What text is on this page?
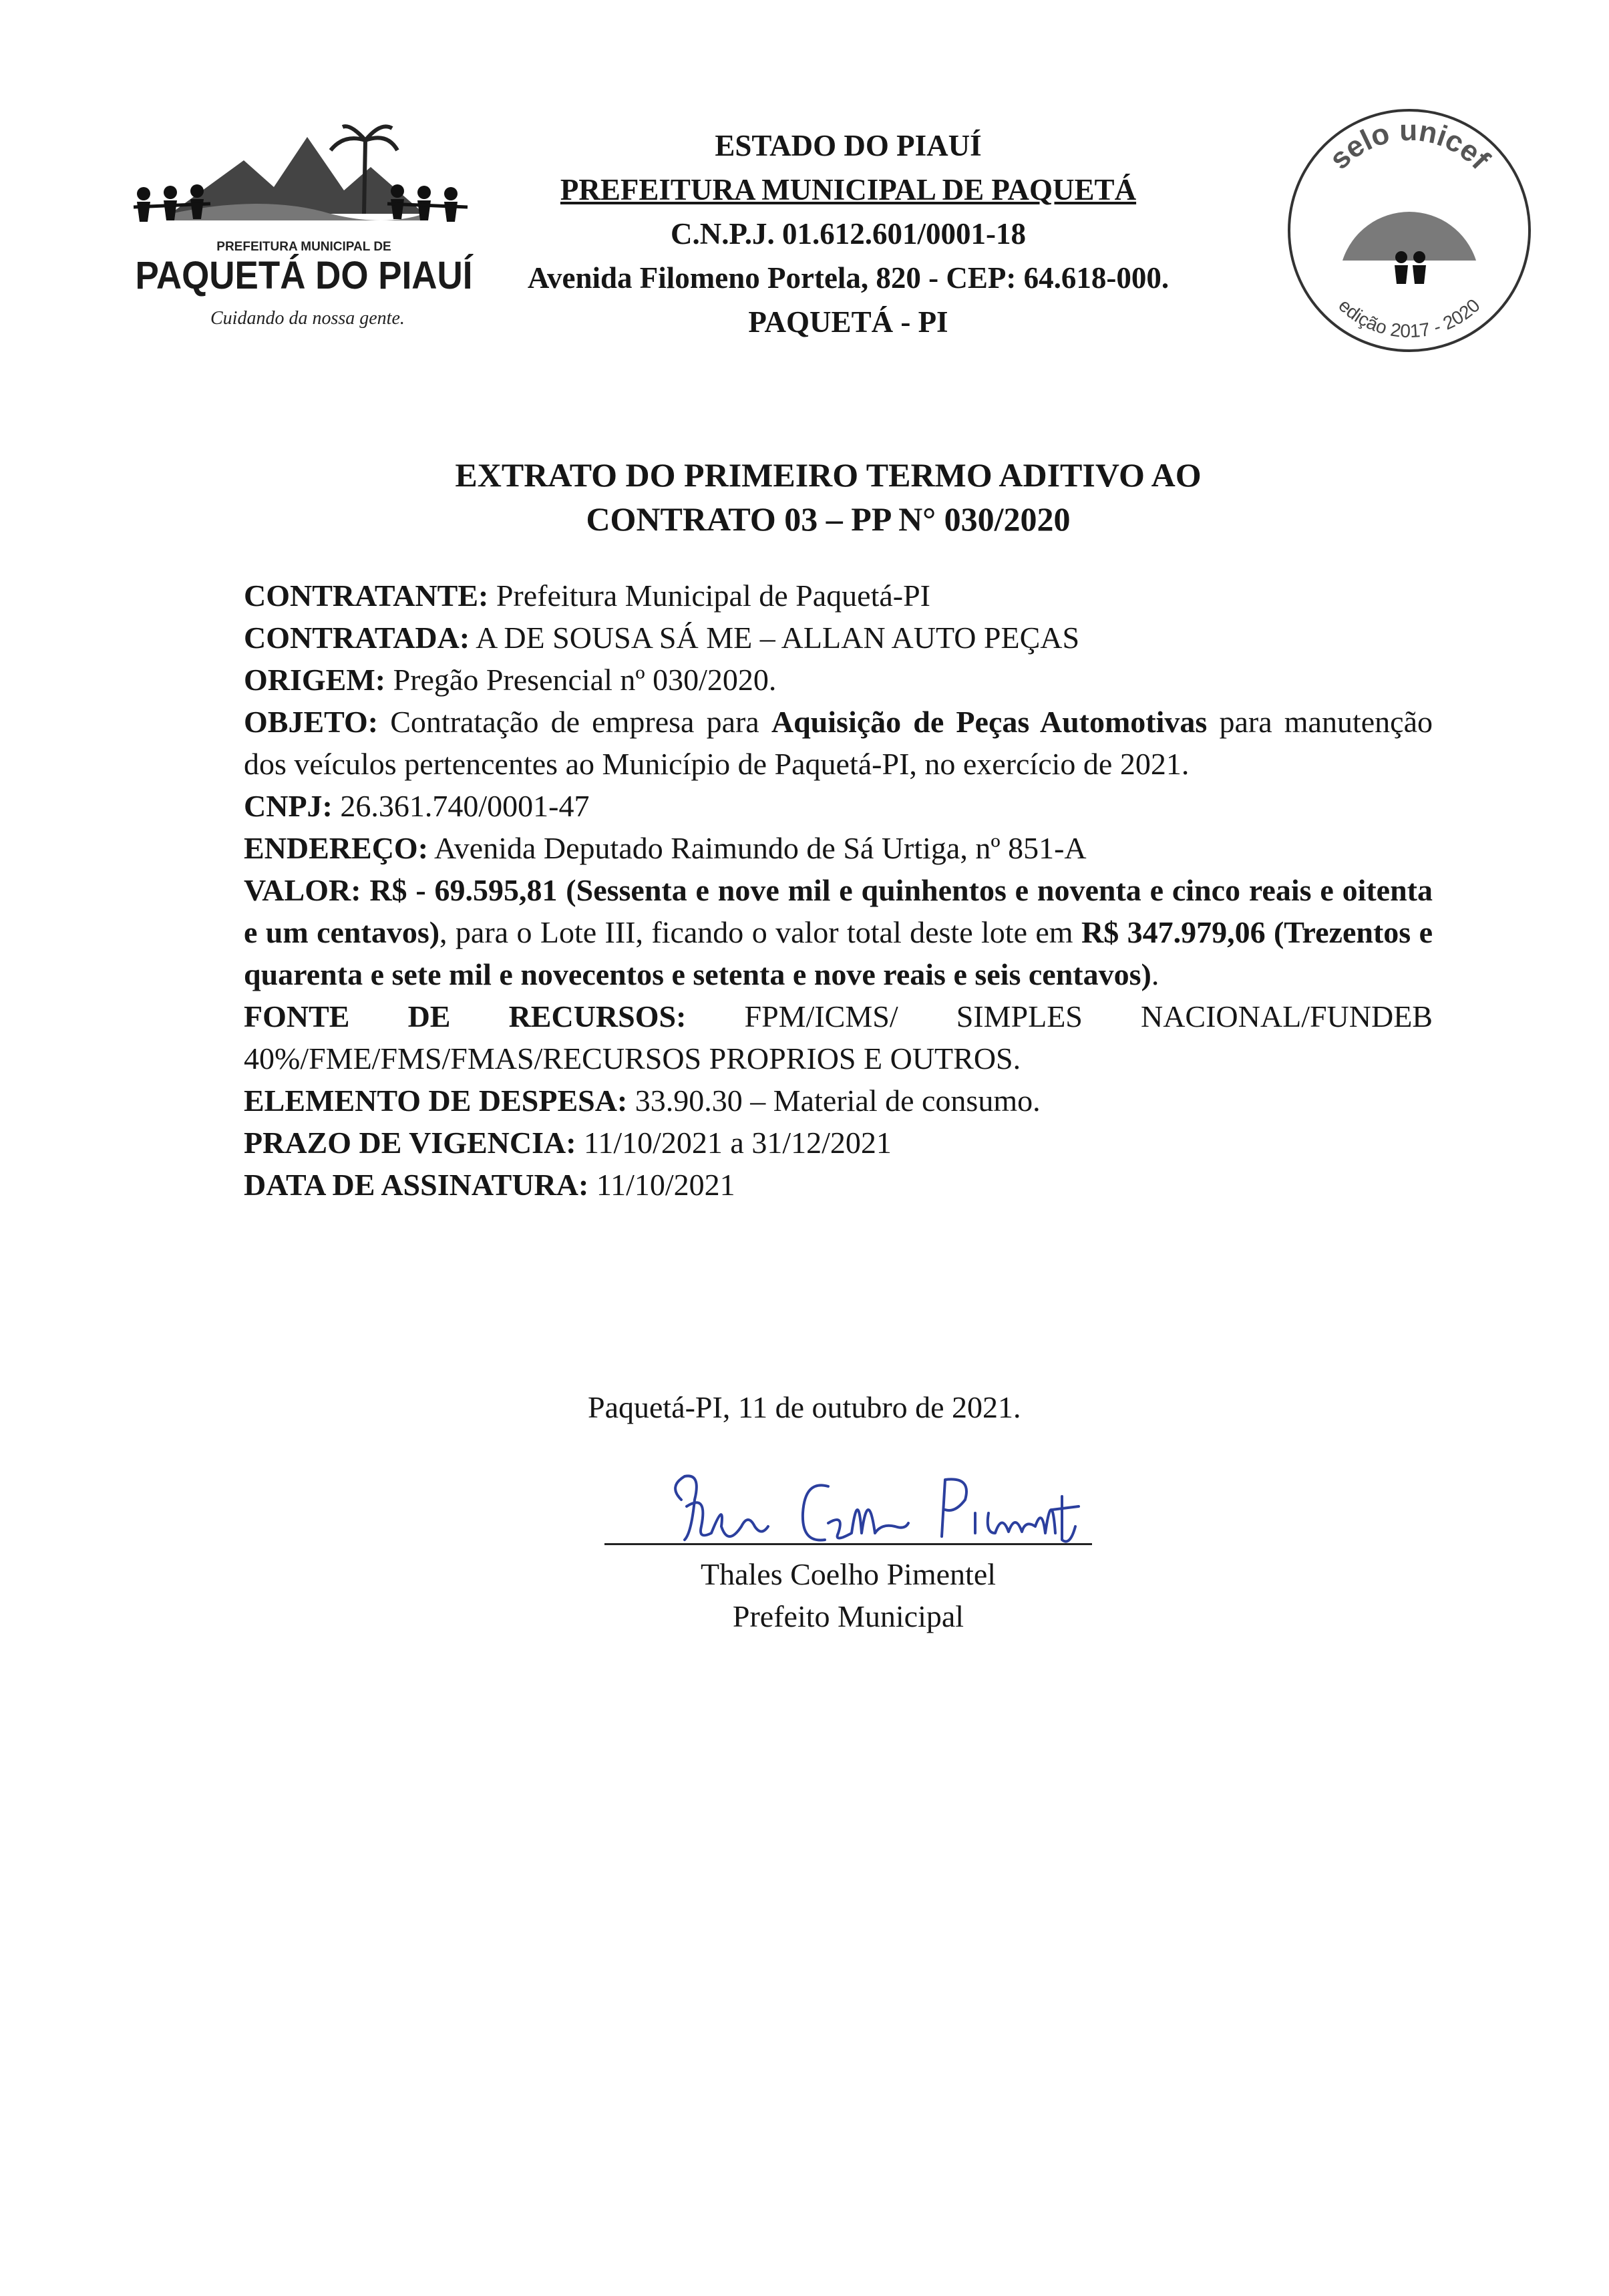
PREFEITURA MUNICIPAL DE
PAQUETÁ DO PIAUÍ
Cuidando da nossa gente.
ESTADO DO PIAUÍ
PREFEITURA MUNICIPAL DE PAQUETÁ
C.N.P.J. 01.612.601/0001-18
Avenida Filomeno Portela, 820 - CEP: 64.618-000.
PAQUETÁ - PI
selo unicef
edição 2017 - 2020
EXTRATO DO PRIMEIRO TERMO ADITIVO AO
CONTRATO 03 – PP N° 030/2020
CONTRATANTE: Prefeitura Municipal de Paquetá-PI
CONTRATADA: A DE SOUSA SÁ ME – ALLAN AUTO PEÇAS
ORIGEM: Pregão Presencial nº 030/2020.
OBJETO: Contratação de empresa para Aquisição de Peças Automotivas para manutenção dos veículos pertencentes ao Município de Paquetá-PI, no exercício de 2021.
CNPJ: 26.361.740/0001-47
ENDEREÇO: Avenida Deputado Raimundo de Sá Urtiga, nº 851-A
VALOR: R$ - 69.595,81 (Sessenta e nove mil e quinhentos e noventa e cinco reais e oitenta e um centavos), para o Lote III, ficando o valor total deste lote em R$ 347.979,06 (Trezentos e quarenta e sete mil e novecentos e setenta e nove reais e seis centavos).
FONTE DE RECURSOS: FPM/ICMS/ SIMPLES NACIONAL/FUNDEB 40%/FME/FMS/FMAS/RECURSOS PROPRIOS E OUTROS.
ELEMENTO DE DESPESA: 33.90.30 – Material de consumo.
PRAZO DE VIGENCIA: 11/10/2021 a 31/12/2021
DATA DE ASSINATURA: 11/10/2021
Paquetá-PI, 11 de outubro de 2021.
Thales Coelho Pimentel
Prefeito Municipal
